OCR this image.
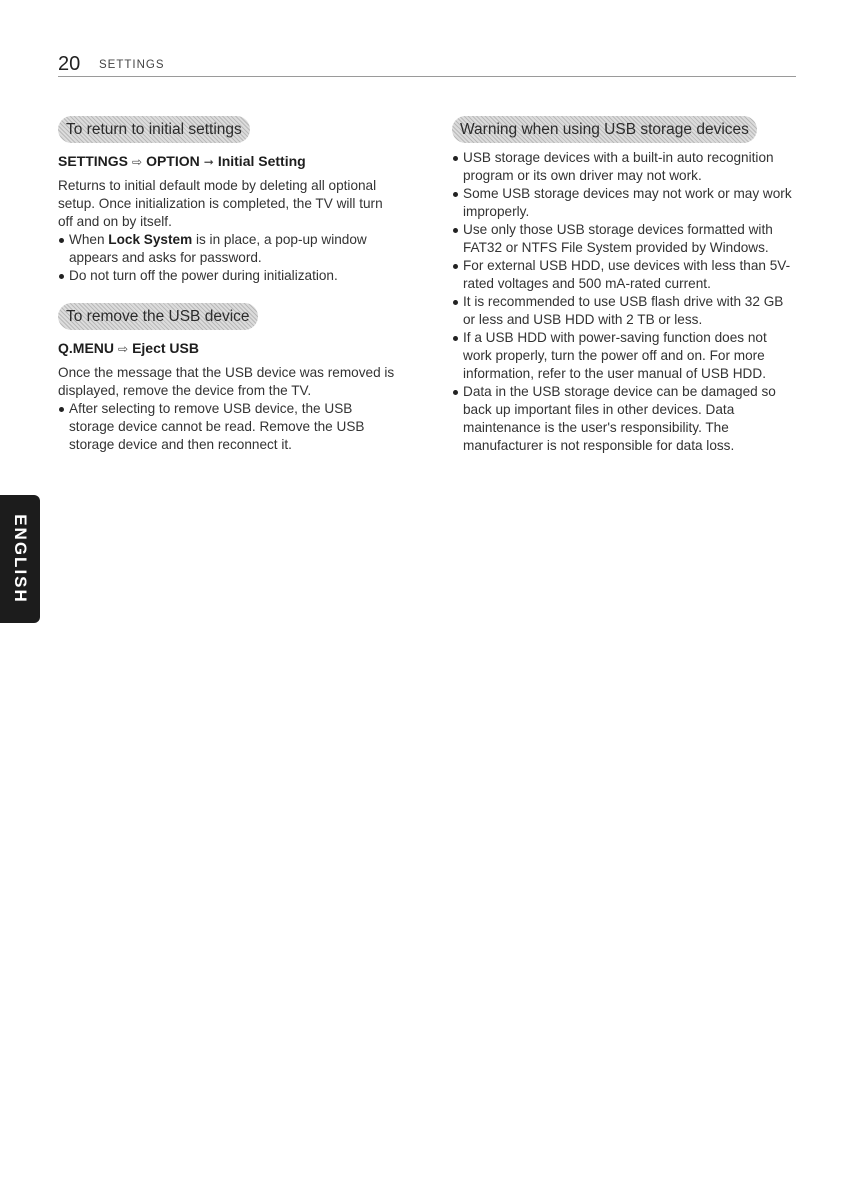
20 SETTINGS
To return to initial settings
SETTINGS ⇨ OPTION ➞ Initial Setting

Returns to initial default mode by deleting all optional setup. Once initialization is completed, the TV will turn off and on by itself.

When Lock System is in place, a pop-up window appears and asks for password.
Do not turn off the power during initialization.
To remove the USB device
Q.MENU ⇨ Eject USB

Once the message that the USB device was removed is displayed, remove the device from the TV.

After selecting to remove USB device, the USB storage device cannot be read. Remove the USB storage device and then reconnect it.
Warning when using USB storage devices
USB storage devices with a built-in auto recognition program or its own driver may not work.
Some USB storage devices may not work or may work improperly.
Use only those USB storage devices formatted with FAT32 or NTFS File System provided by Windows.
For external USB HDD, use devices with less than 5V-rated voltages and 500 mA-rated current.
It is recommended to use USB flash drive with 32 GB or less and USB HDD with 2 TB or less.
If a USB HDD with power-saving function does not work properly, turn the power off and on. For more information, refer to the user manual of USB HDD.
Data in the USB storage device can be damaged so back up important files in other devices. Data maintenance is the user's responsibility. The manufacturer is not responsible for data loss.
ENGLISH
